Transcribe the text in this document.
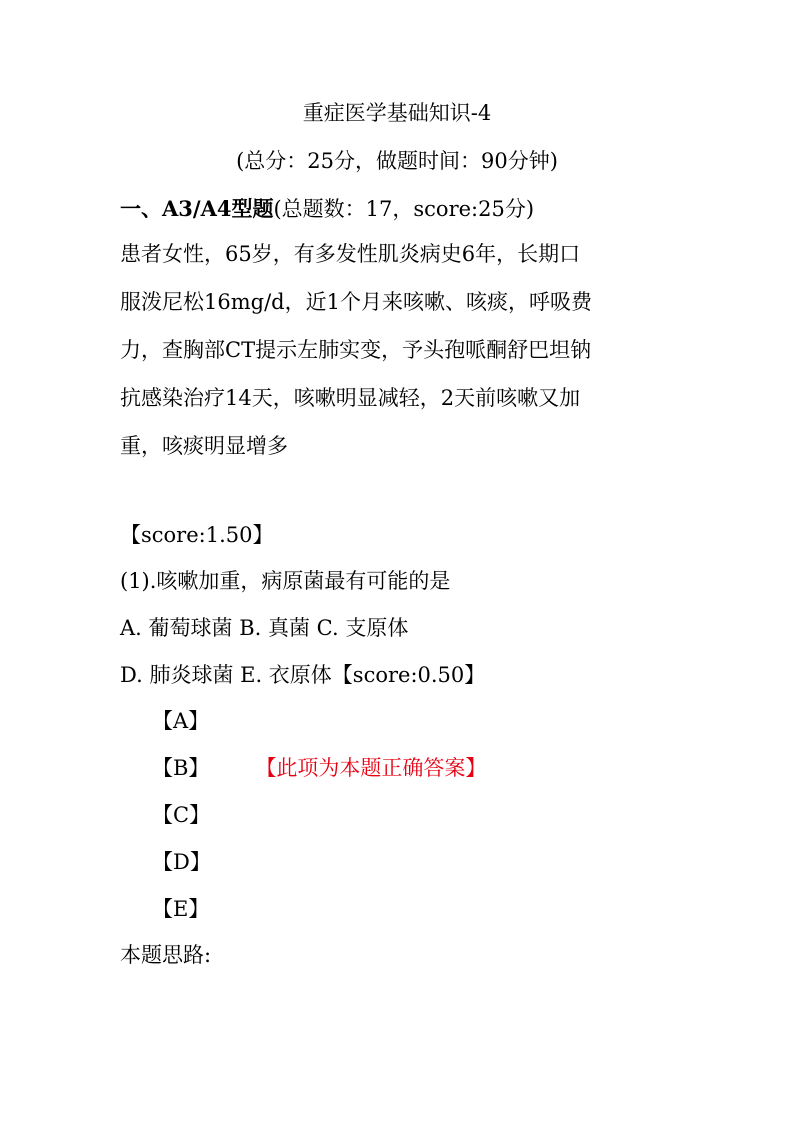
重症医学基础知识-4
(总分：25分，做题时间：90分钟)
一、A3/A4型题(总题数：17，score:25分)
患者女性，65岁，有多发性肌炎病史6年，长期口
服泼尼松16mg/d，近1个月来咳嗽、咳痰，呼吸费
力，查胸部CT提示左肺实变，予头孢哌酮舒巴坦钠
抗感染治疗14天，咳嗽明显减轻，2天前咳嗽又加
重，咳痰明显增多
【score:1.50】
(1).咳嗽加重，病原菌最有可能的是
A. 葡萄球菌 B. 真菌 C. 支原体
D. 肺炎球菌 E. 衣原体【score:0.50】
【A】
【B】 【此项为本题正确答案】
【C】
【D】
【E】
本题思路:
